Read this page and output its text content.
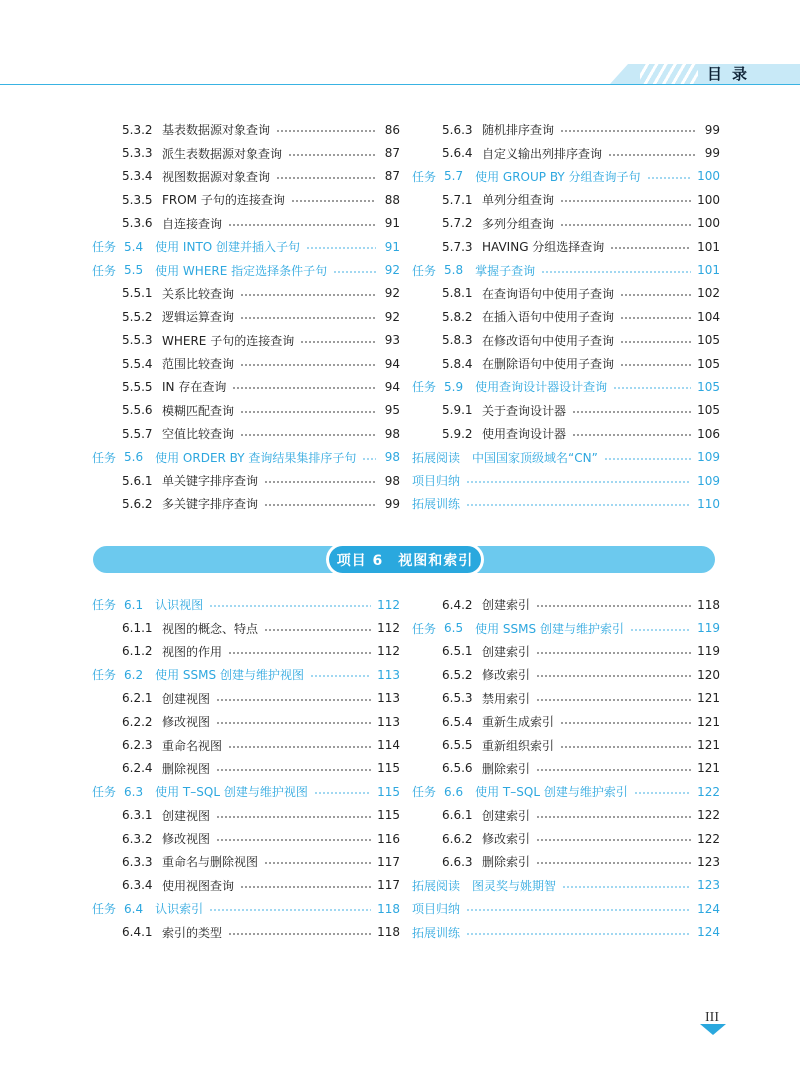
目录
5.3.2 基表数据源对象查询	86
5.3.3 派生表数据源对象查询	87
5.3.4 视图数据源对象查询	87
5.3.5 FROM 子句的连接查询	88
5.3.6 自连接查询	91
任务 5.4 使用 INTO 创建并插入子句	91
任务 5.5 使用 WHERE 指定选择条件子句	92
5.5.1 关系比较查询	92
5.5.2 逻辑运算查询	92
5.5.3 WHERE 子句的连接查询	93
5.5.4 范围比较查询	94
5.5.5 IN 存在查询	94
5.5.6 模糊匹配查询	95
5.5.7 空值比较查询	98
任务 5.6 使用 ORDER BY 查询结果集排序子句 98
5.6.1 单关键字排序查询	98
5.6.2 多关键字排序查询	99
5.6.3 随机排序查询	99
5.6.4 自定义输出列排序查询	99
任务 5.7 使用 GROUP BY 分组查询子句	100
5.7.1 单列分组查询	100
5.7.2 多列分组查询	100
5.7.3 HAVING 分组选择查询	101
任务 5.8 掌握子查询	101
5.8.1 在查询语句中使用子查询	102
5.8.2 在插入语句中使用子查询	104
5.8.3 在修改语句中使用子查询	105
5.8.4 在删除语句中使用子查询	105
任务 5.9 使用查询设计器设计查询	105
5.9.1 关于查询设计器	105
5.9.2 使用查询设计器	106
拓展阅读 中国国家顶级域名“CN”	109
项目归纳	109
拓展训练	110
项目 6　视图和索引
任务 6.1 认识视图	112
6.1.1 视图的概念、特点	112
6.1.2 视图的作用	112
任务 6.2 使用 SSMS 创建与维护视图	113
6.2.1 创建视图	113
6.2.2 修改视图	113
6.2.3 重命名视图	114
6.2.4 删除视图	115
任务 6.3 使用 T–SQL 创建与维护视图	115
6.3.1 创建视图	115
6.3.2 修改视图	116
6.3.3 重命名与删除视图	117
6.3.4 使用视图查询	117
任务 6.4 认识索引	118
6.4.1 索引的类型	118
6.4.2 创建索引	118
任务 6.5 使用 SSMS 创建与维护索引	119
6.5.1 创建索引	119
6.5.2 修改索引	120
6.5.3 禁用索引	121
6.5.4 重新生成索引	121
6.5.5 重新组织索引	121
6.5.6 删除索引	121
任务 6.6 使用 T–SQL 创建与维护索引	122
6.6.1 创建索引	122
6.6.2 修改索引	122
6.6.3 删除索引	123
拓展阅读 图灵奖与姚期智	123
项目归纳	124
拓展训练	124
III
